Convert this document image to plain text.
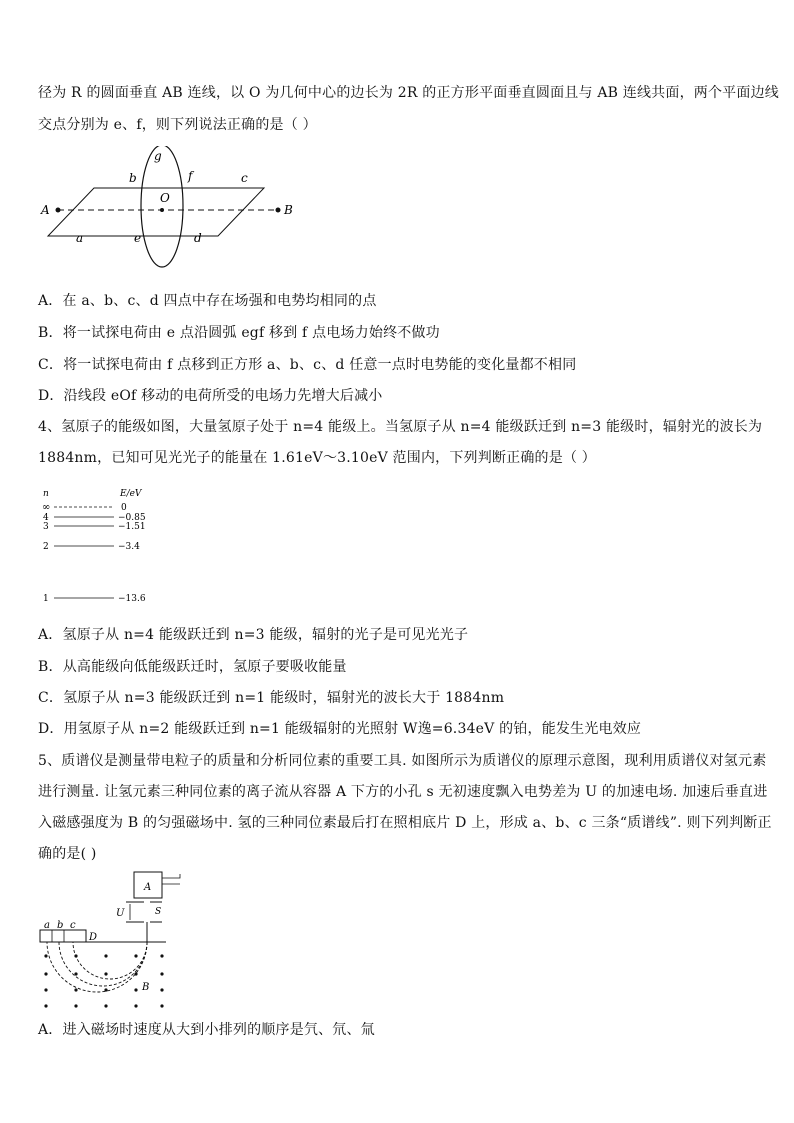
径为 R 的圆面垂直 AB 连线，以 O 为几何中心的边长为 2R 的正方形平面垂直圆面且与 AB 连线共面，两个平面边线
交点分别为 e、f，则下列说法正确的是（ ）
A	B
O
a
b	c
d
e
f
g
A．在 a、b、c、d 四点中存在场强和电势均相同的点
B．将一试探电荷由 e 点沿圆弧 egf 移到 f 点电场力始终不做功
C．将一试探电荷由 f 点移到正方形 a、b、c、d 任意一点时电势能的变化量都不相同
D．沿线段 eOf 移动的电荷所受的电场力先增大后减小
4、氢原子的能级如图，大量氢原子处于 n=4 能级上。当氢原子从 n=4 能级跃迁到 n=3 能级时，辐射光的波长为
1884nm，已知可见光光子的能量在 1.61eV～3.10eV 范围内，下列判断正确的是（ ）
n	E/eV
∞	0
4	−0.85
3	−1.51
2	−3.4
1	−13.6
A．氢原子从 n=4 能级跃迁到 n=3 能级，辐射的光子是可见光光子
B．从高能级向低能级跃迁时，氢原子要吸收能量
C．氢原子从 n=3 能级跃迁到 n=1 能级时，辐射光的波长大于 1884nm
D．用氢原子从 n=2 能级跃迁到 n=1 能级辐射的光照射 W逸=6.34eV 的铂，能发生光电效应
5、质谱仪是测量带电粒子的质量和分析同位素的重要工具. 如图所示为质谱仪的原理示意图，现利用质谱仪对氢元素
进行测量. 让氢元素三种同位素的离子流从容器 A 下方的小孔 s 无初速度飘入电势差为 U 的加速电场. 加速后垂直进
入磁感强度为 B 的匀强磁场中. 氢的三种同位素最后打在照相底片 D 上，形成 a、b、c 三条“质谱线”. 则下列判断正
确的是( )
A
U	S
a b c
D
B
A．进入磁场时速度从大到小排列的顺序是氕、氘、氚
